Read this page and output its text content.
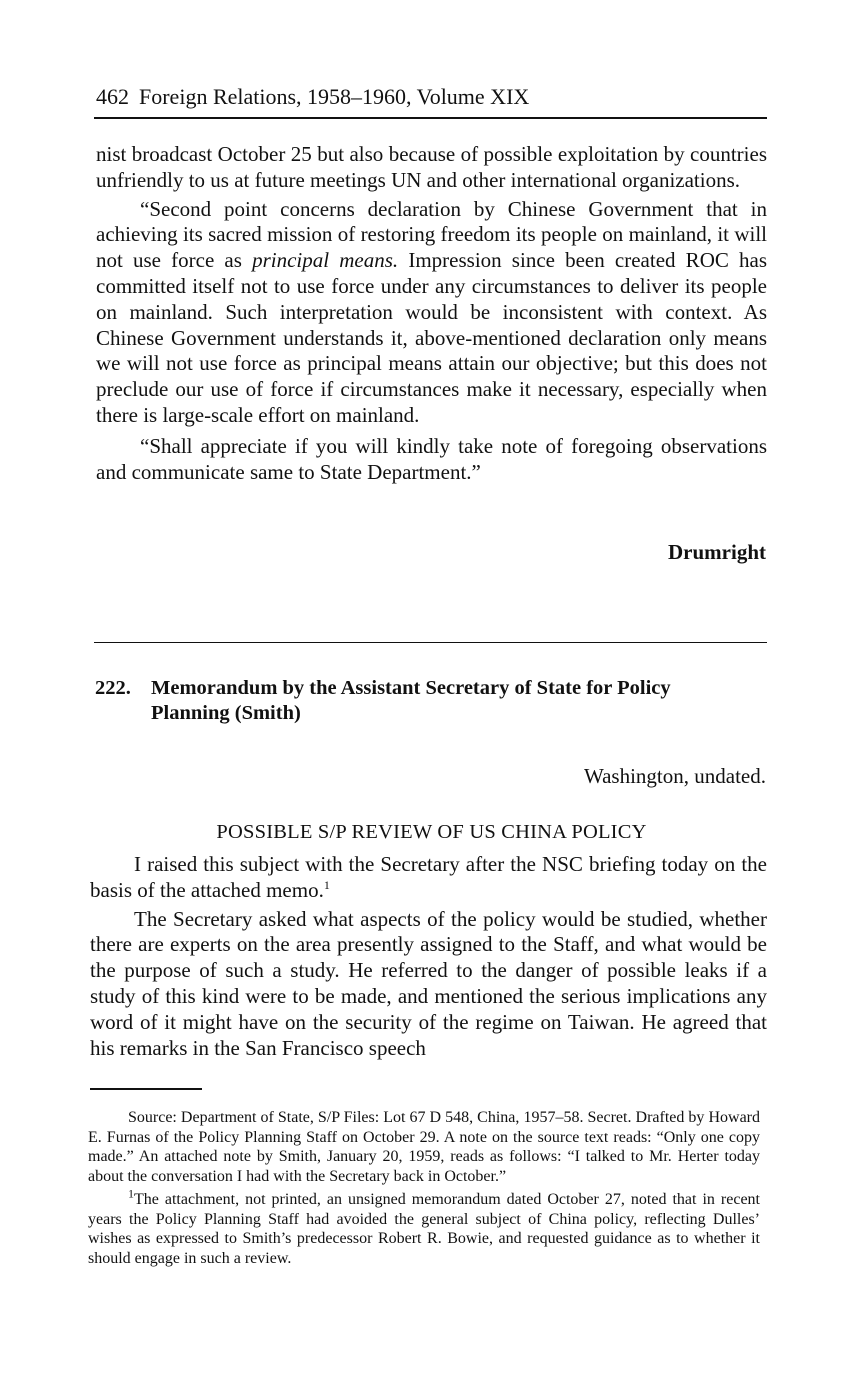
462 Foreign Relations, 1958–1960, Volume XIX

nist broadcast October 25 but also because of possible exploitation by countries unfriendly to us at future meetings UN and other international organizations.

“Second point concerns declaration by Chinese Government that in achieving its sacred mission of restoring freedom its people on mainland, it will not use force as principal means. Impression since been created ROC has committed itself not to use force under any circumstances to deliver its people on mainland. Such interpretation would be inconsistent with context. As Chinese Government understands it, above-mentioned declaration only means we will not use force as principal means attain our objective; but this does not preclude our use of force if circumstances make it necessary, especially when there is large-scale effort on mainland.

“Shall appreciate if you will kindly take note of foregoing observations and communicate same to State Department.”

Drumright
222. Memorandum by the Assistant Secretary of State for Policy Planning (Smith)
Washington, undated.
POSSIBLE S/P REVIEW OF US CHINA POLICY

I raised this subject with the Secretary after the NSC briefing today on the basis of the attached memo.$^1$

The Secretary asked what aspects of the policy would be studied, whether there are experts on the area presently assigned to the Staff, and what would be the purpose of such a study. He referred to the danger of possible leaks if a study of this kind were to be made, and mentioned the serious implications any word of it might have on the security of the regime on Taiwan. He agreed that his remarks in the San Francisco speech

Source: Department of State, S/P Files: Lot 67 D 548, China, 1957–58. Secret. Drafted by Howard E. Furnas of the Policy Planning Staff on October 29. A note on the source text reads: “Only one copy made.” An attached note by Smith, January 20, 1959, reads as follows: “I talked to Mr. Herter today about the conversation I had with the Secretary back in October.”

$^1$The attachment, not printed, an unsigned memorandum dated October 27, noted that in recent years the Policy Planning Staff had avoided the general subject of China policy, reflecting Dulles’ wishes as expressed to Smith’s predecessor Robert R. Bowie, and requested guidance as to whether it should engage in such a review.
